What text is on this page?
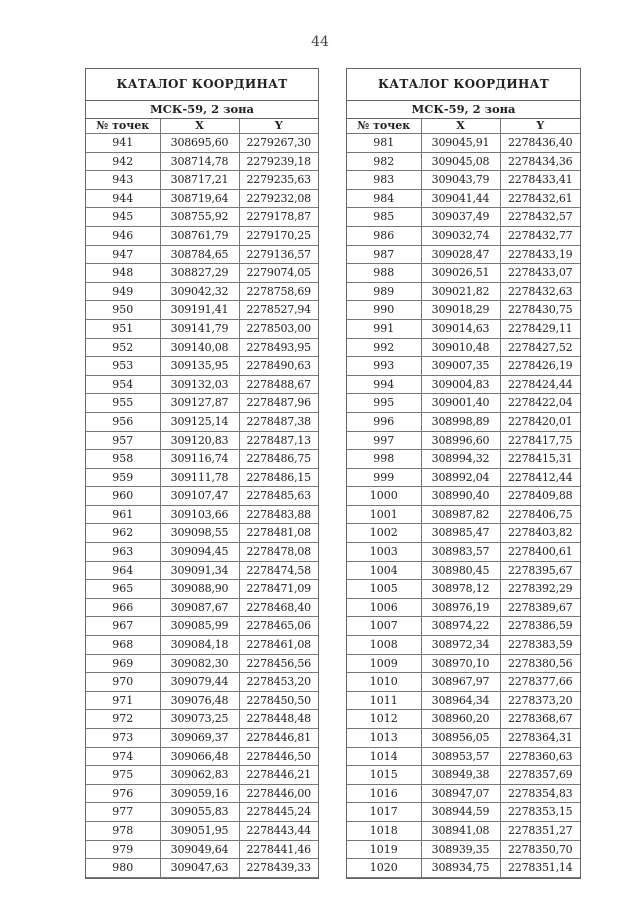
44
КАТАЛОГ КООРДИНАТ
МСК-59, 2 зона
№ точек	X	Y
941	308695,60	2279267,30
942	308714,78	2279239,18
943	308717,21	2279235,63
944	308719,64	2279232,08
945	308755,92	2279178,87
946	308761,79	2279170,25
947	308784,65	2279136,57
948	308827,29	2279074,05
949	309042,32	2278758,69
950	309191,41	2278527,94
951	309141,79	2278503,00
952	309140,08	2278493,95
953	309135,95	2278490,63
954	309132,03	2278488,67
955	309127,87	2278487,96
956	309125,14	2278487,38
957	309120,83	2278487,13
958	309116,74	2278486,75
959	309111,78	2278486,15
960	309107,47	2278485,63
961	309103,66	2278483,88
962	309098,55	2278481,08
963	309094,45	2278478,08
964	309091,34	2278474,58
965	309088,90	2278471,09
966	309087,67	2278468,40
967	309085,99	2278465,06
968	309084,18	2278461,08
969	309082,30	2278456,56
970	309079,44	2278453,20
971	309076,48	2278450,50
972	309073,25	2278448,48
973	309069,37	2278446,81
974	309066,48	2278446,50
975	309062,83	2278446,21
976	309059,16	2278446,00
977	309055,83	2278445,24
978	309051,95	2278443,44
979	309049,64	2278441,46
980	309047,63	2278439,33
КАТАЛОГ КООРДИНАТ
МСК-59, 2 зона
№ точек	X	Y
981	309045,91	2278436,40
982	309045,08	2278434,36
983	309043,79	2278433,41
984	309041,44	2278432,61
985	309037,49	2278432,57
986	309032,74	2278432,77
987	309028,47	2278433,19
988	309026,51	2278433,07
989	309021,82	2278432,63
990	309018,29	2278430,75
991	309014,63	2278429,11
992	309010,48	2278427,52
993	309007,35	2278426,19
994	309004,83	2278424,44
995	309001,40	2278422,04
996	308998,89	2278420,01
997	308996,60	2278417,75
998	308994,32	2278415,31
999	308992,04	2278412,44
1000	308990,40	2278409,88
1001	308987,82	2278406,75
1002	308985,47	2278403,82
1003	308983,57	2278400,61
1004	308980,45	2278395,67
1005	308978,12	2278392,29
1006	308976,19	2278389,67
1007	308974,22	2278386,59
1008	308972,34	2278383,59
1009	308970,10	2278380,56
1010	308967,97	2278377,66
1011	308964,34	2278373,20
1012	308960,20	2278368,67
1013	308956,05	2278364,31
1014	308953,57	2278360,63
1015	308949,38	2278357,69
1016	308947,07	2278354,83
1017	308944,59	2278353,15
1018	308941,08	2278351,27
1019	308939,35	2278350,70
1020	308934,75	2278351,14
